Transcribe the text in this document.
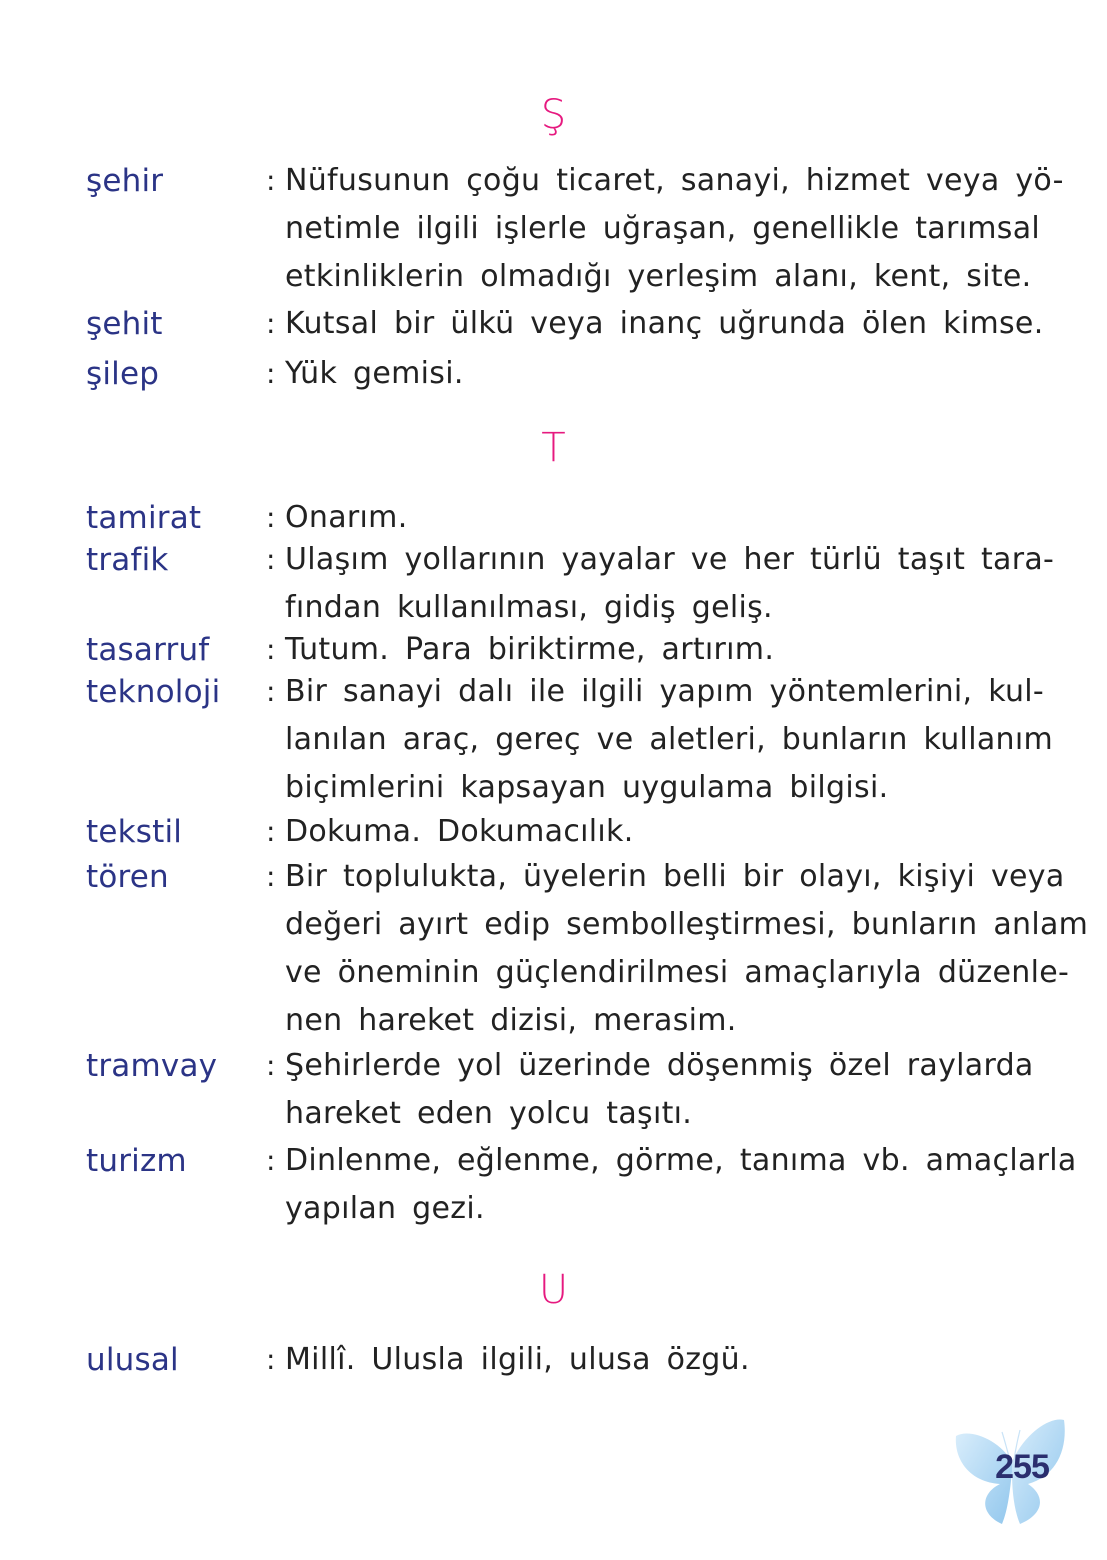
Ş
şehir	: Nüfusunun çoğu ticaret, sanayi, hizmet veya yö-
netimle ilgili işlerle uğraşan, genellikle tarımsal
etkinliklerin olmadığı yerleşim alanı, kent, site.
şehit	: Kutsal bir ülkü veya inanç uğrunda ölen kimse.
şilep	: Yük gemisi.
T
tamirat : Onarım.
trafik	: Ulaşım yollarının yayalar ve her türlü taşıt tara-
fından kullanılması, gidiş geliş.
tasarruf : Tutum. Para biriktirme, artırım.
teknoloji : Bir sanayi dalı ile ilgili yapım yöntemlerini, kul-
lanılan araç, gereç ve aletleri, bunların kullanım
biçimlerini kapsayan uygulama bilgisi.
tekstil	: Dokuma. Dokumacılık.
tören	: Bir toplulukta, üyelerin belli bir olayı, kişiyi veya
değeri ayırt edip sembolleştirmesi, bunların anlam
ve öneminin güçlendirilmesi amaçlarıyla düzenle-
nen hareket dizisi, merasim.
tramvay : Şehirlerde yol üzerinde döşenmiş özel raylarda
hareket eden yolcu taşıtı.
turizm	: Dinlenme, eğlenme, görme, tanıma vb. amaçlarla
yapılan gezi.
U
ulusal	: Millî. Ulusla ilgili, ulusa özgü.
255
